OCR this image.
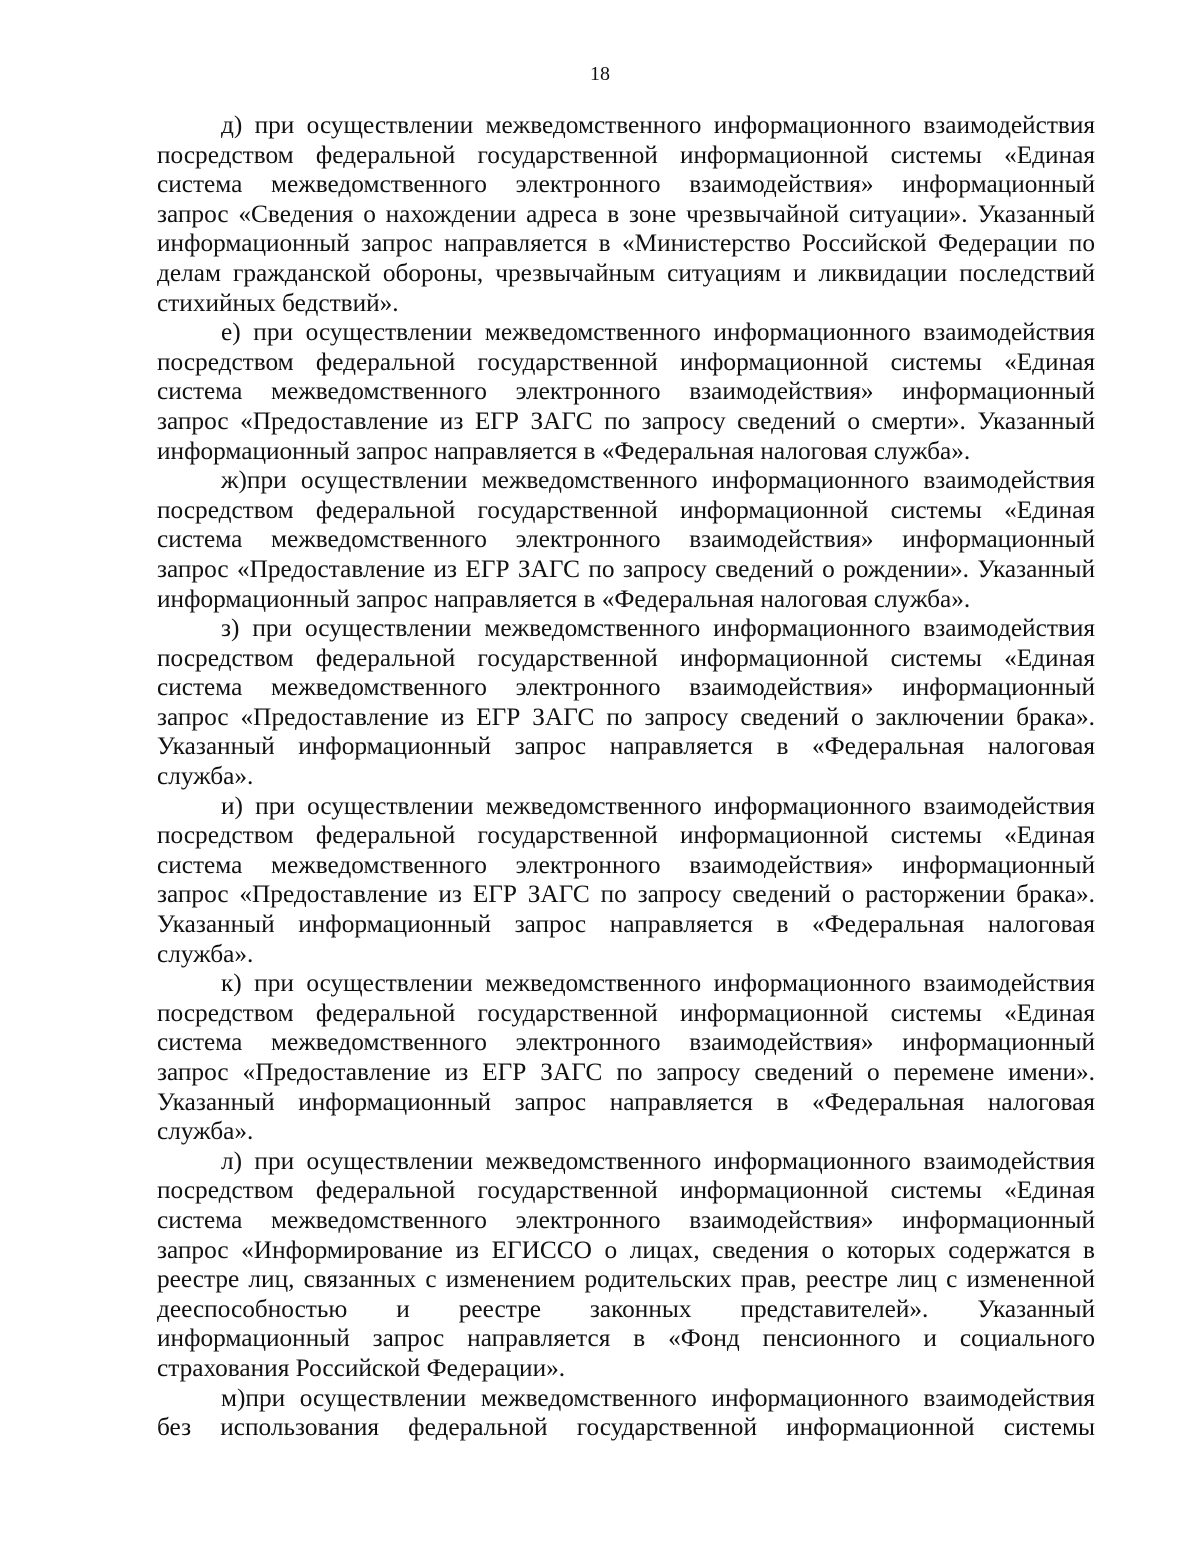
18
д) при осуществлении межведомственного информационного взаимодействия
посредством федеральной государственной информационной системы «Единая
система межведомственного электронного взаимодействия» информационный
запрос «Сведения о нахождении адреса в зоне чрезвычайной ситуации». Указанный
информационный запрос направляется в «Министерство Российской Федерации по
делам гражданской обороны, чрезвычайным ситуациям и ликвидации последствий
стихийных бедствий».
е) при осуществлении межведомственного информационного взаимодействия
посредством федеральной государственной информационной системы «Единая
система межведомственного электронного взаимодействия» информационный
запрос «Предоставление из ЕГР ЗАГС по запросу сведений о смерти». Указанный
информационный запрос направляется в «Федеральная налоговая служба».
ж)при осуществлении межведомственного информационного взаимодействия
посредством федеральной государственной информационной системы «Единая
система межведомственного электронного взаимодействия» информационный
запрос «Предоставление из ЕГР ЗАГС по запросу сведений о рождении». Указанный
информационный запрос направляется в «Федеральная налоговая служба».
з) при осуществлении межведомственного информационного взаимодействия
посредством федеральной государственной информационной системы «Единая
система межведомственного электронного взаимодействия» информационный
запрос «Предоставление из ЕГР ЗАГС по запросу сведений о заключении брака».
Указанный информационный запрос направляется в «Федеральная налоговая
служба».
и) при осуществлении межведомственного информационного взаимодействия
посредством федеральной государственной информационной системы «Единая
система межведомственного электронного взаимодействия» информационный
запрос «Предоставление из ЕГР ЗАГС по запросу сведений о расторжении брака».
Указанный информационный запрос направляется в «Федеральная налоговая
служба».
к) при осуществлении межведомственного информационного взаимодействия
посредством федеральной государственной информационной системы «Единая
система межведомственного электронного взаимодействия» информационный
запрос «Предоставление из ЕГР ЗАГС по запросу сведений о перемене имени».
Указанный информационный запрос направляется в «Федеральная налоговая
служба».
л) при осуществлении межведомственного информационного взаимодействия
посредством федеральной государственной информационной системы «Единая
система межведомственного электронного взаимодействия» информационный
запрос «Информирование из ЕГИССО о лицах, сведения о которых содержатся в
реестре лиц, связанных с изменением родительских прав, реестре лиц с измененной
дееспособностью и реестре законных представителей». Указанный
информационный запрос направляется в «Фонд пенсионного и социального
страхования Российской Федерации».
м)при осуществлении межведомственного информационного взаимодействия
без использования федеральной государственной информационной системы
